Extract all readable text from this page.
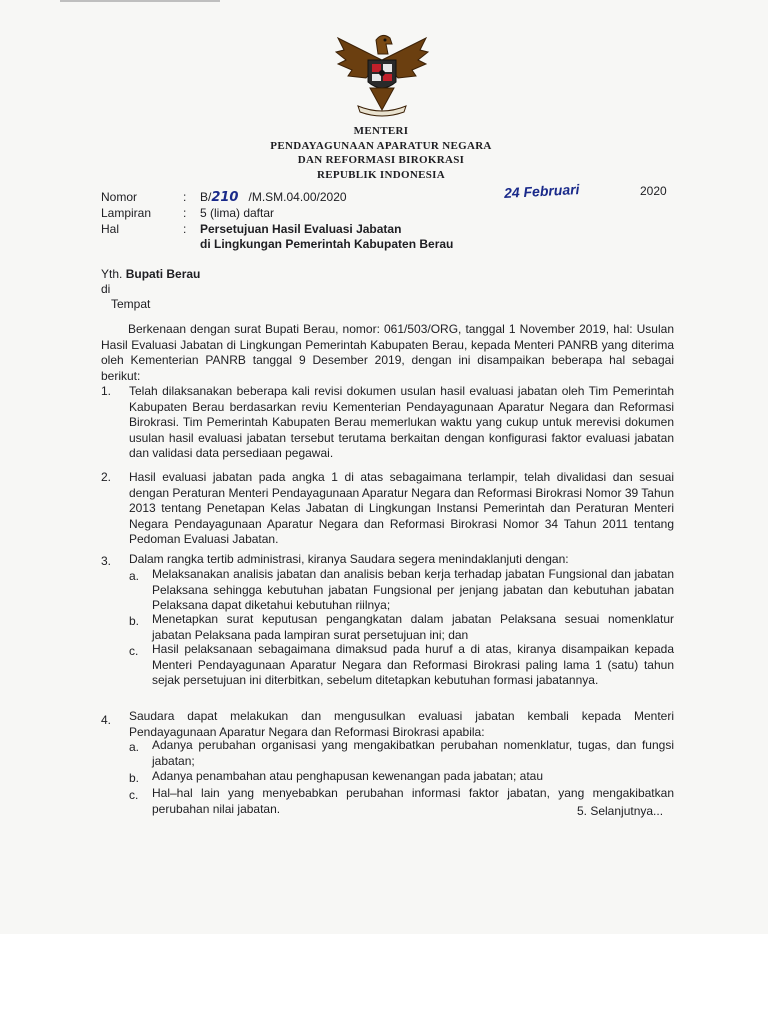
MENTERI
PENDAYAGUNAAN APARATUR NEGARA
DAN REFORMASI BIROKRASI
REPUBLIK INDONESIA
Nomor	: B/210 /M.SM.04.00/2020
Lampiran	: 5 (lima) daftar
Hal	: Persetujuan Hasil Evaluasi Jabatan
di Lingkungan Pemerintah Kabupaten Berau
24 Februari	2020
Yth. Bupati Berau
di
Tempat
Berkenaan dengan surat Bupati Berau, nomor: 061/503/ORG, tanggal 1 November 2019, hal: Usulan Hasil Evaluasi Jabatan di Lingkungan Pemerintah Kabupaten Berau, kepada Menteri PANRB yang diterima oleh Kementerian PANRB tanggal 9 Desember 2019, dengan ini disampaikan beberapa hal sebagai berikut:
1. Telah dilaksanakan beberapa kali revisi dokumen usulan hasil evaluasi jabatan oleh Tim Pemerintah Kabupaten Berau berdasarkan reviu Kementerian Pendayagunaan Aparatur Negara dan Reformasi Birokrasi. Tim Pemerintah Kabupaten Berau memerlukan waktu yang cukup untuk merevisi dokumen usulan hasil evaluasi jabatan tersebut terutama berkaitan dengan konfigurasi faktor evaluasi jabatan dan validasi data persediaan pegawai.
2. Hasil evaluasi jabatan pada angka 1 di atas sebagaimana terlampir, telah divalidasi dan sesuai dengan Peraturan Menteri Pendayagunaan Aparatur Negara dan Reformasi Birokrasi Nomor 39 Tahun 2013 tentang Penetapan Kelas Jabatan di Lingkungan Instansi Pemerintah dan Peraturan Menteri Negara Pendayagunaan Aparatur Negara dan Reformasi Birokrasi Nomor 34 Tahun 2011 tentang Pedoman Evaluasi Jabatan.
3. Dalam rangka tertib administrasi, kiranya Saudara segera menindaklanjuti dengan:
a. Melaksanakan analisis jabatan dan analisis beban kerja terhadap jabatan Fungsional dan jabatan Pelaksana sehingga kebutuhan jabatan Fungsional per jenjang jabatan dan kebutuhan jabatan Pelaksana dapat diketahui kebutuhan riilnya;
b. Menetapkan surat keputusan pengangkatan dalam jabatan Pelaksana sesuai nomenklatur jabatan Pelaksana pada lampiran surat persetujuan ini; dan
c. Hasil pelaksanaan sebagaimana dimaksud pada huruf a di atas, kiranya disampaikan kepada Menteri Pendayagunaan Aparatur Negara dan Reformasi Birokrasi paling lama 1 (satu) tahun sejak persetujuan ini diterbitkan, sebelum ditetapkan kebutuhan formasi jabatannya.
4. Saudara dapat melakukan dan mengusulkan evaluasi jabatan kembali kepada Menteri Pendayagunaan Aparatur Negara dan Reformasi Birokrasi apabila:
a. Adanya perubahan organisasi yang mengakibatkan perubahan nomenklatur, tugas, dan fungsi jabatan;
b. Adanya penambahan atau penghapusan kewenangan pada jabatan; atau
c. Hal–hal lain yang menyebabkan perubahan informasi faktor jabatan, yang mengakibatkan perubahan nilai jabatan.	5. Selanjutnya...
